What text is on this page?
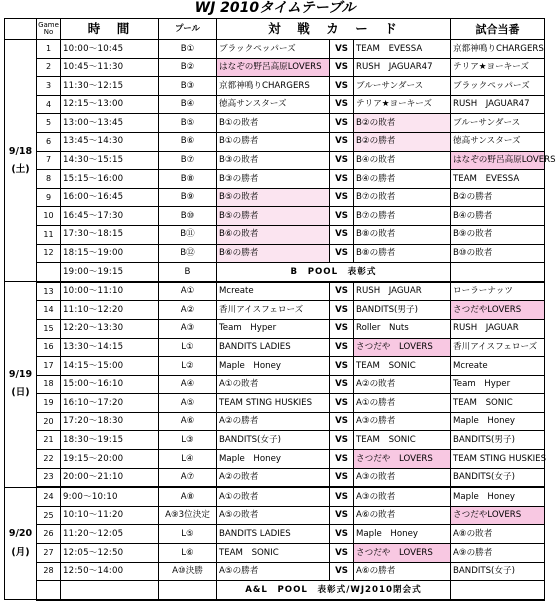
WJ 2010タイムテーブル
	Game
No	時　間	プール	対　戦　カ　ー　ド			試合当番
9/18
(土)	1	10:00～10:45	B①	ブラックペッパーズ	VS	TEAM　EVESSA	京都神鳴りCHARGERS
	2	10:45～11:30	B②	はなぞの野呂高原LOVERS	VS	RUSH　JAGUAR47	テリア★ヨーキーズ
	3	11:30～12:15	B③	京都神鳴りCHARGERS	VS	ブルーサンダース	ブラックペッパーズ
	4	12:15～13:00	B④	徳高サンスターズ	VS	テリア★ヨーキーズ	RUSH　JAGUAR47
	5	13:00～13:45	B⑤	B①の敗者	VS	B②の敗者	ブルーサンダース
	6	13:45～14:30	B⑥	B①の勝者	VS	B②の勝者	徳高サンスターズ
	7	14:30～15:15	B⑦	B③の敗者	VS	B④の敗者	はなぞの野呂高原LOVERS
	8	15:15～16:00	B⑧	B③の勝者	VS	B④の勝者	TEAM　EVESSA
	9	16:00～16:45	B⑨	B⑤の敗者	VS	B⑦の敗者	B②の勝者
	10	16:45～17:30	B⑩	B⑤の勝者	VS	B⑦の勝者	B④の勝者
	11	17:30～18:15	B⑪	B⑥の敗者	VS	B⑧の敗者	B⑨の敗者
	12	18:15～19:00	B⑫	B⑥の勝者	VS	B⑧の勝者	B⑩の敗者
		19:00～19:15	B	B　POOL　表彰式			
9/19
(日)	13	10:00～11:10	A①	Mcreate	VS	RUSH　JAGUAR	ローラーナッツ
	14	11:10～12:20	A②	香川アイスフェローズ	VS	BANDITS(男子)	さつだやLOVERS
	15	12:20～13:30	A③	Team　Hyper	VS	Roller　Nuts	RUSH　JAGUAR
	16	13:30～14:15	L①	BANDITS LADIES	VS	さつだや　LOVERS	香川アイスフェローズ
	17	14:15～15:00	L②	Maple　Honey	VS	TEAM　SONIC	Mcreate
	18	15:00～16:10	A④	A①の敗者	VS	A②の敗者	Team　Hyper
	19	16:10～17:20	A⑤	TEAM STING HUSKIES	VS	A①の勝者	TEAM　SONIC
	20	17:20～18:30	A⑥	A②の勝者	VS	A③の勝者	Maple　Honey
	21	18:30～19:15	L③	BANDITS(女子)	VS	TEAM　SONIC	BANDITS(男子)
	22	19:15～20:00	L④	Maple　Honey	VS	さつだや　LOVERS	TEAM STING HUSKIES
	23	20:00～21:10	A⑦	A②の敗者	VS	A③の敗者	BANDITS(女子)
9/20
(月)	24	9:00～10:10	A⑧	A①の敗者	VS	A③の敗者	Maple　Honey
	25	10:10～11:20	A⑨3位決定	A⑤の敗者	VS	A⑥の敗者	さつだやLOVERS
	26	11:20～12:05	L⑤	BANDITS LADIES	VS	Maple　Honey	A⑧の敗者
	27	12:05～12:50	L⑥	TEAM　SONIC	VS	さつだや　LOVERS	A⑨の勝者
	28	12:50～14:00	A⑩決勝	A⑤の勝者	VS	A⑥の勝者	BANDITS(女子)
				A&L　POOL　表彰式/WJ2010閉会式			
